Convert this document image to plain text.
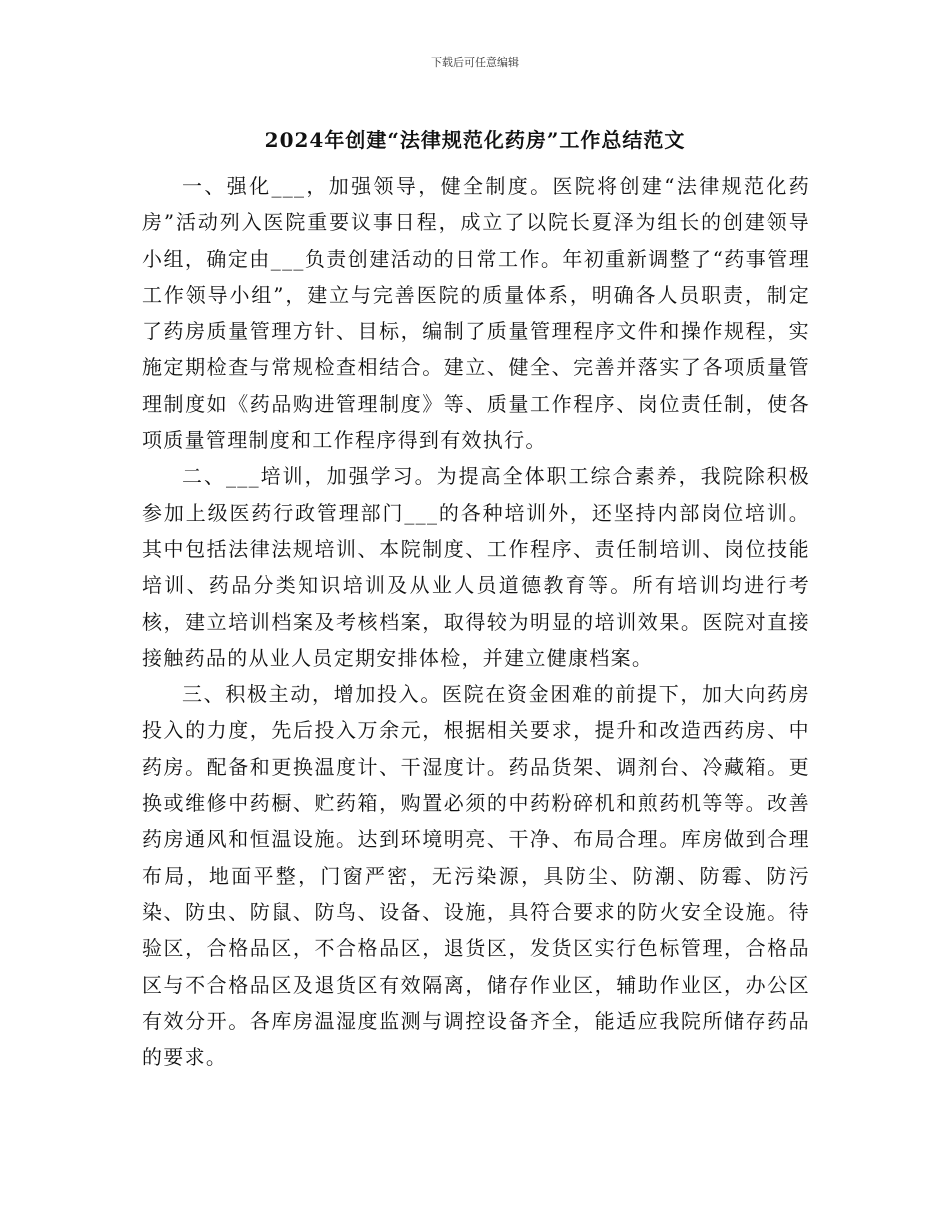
下载后可任意编辑
2024年创建“法律规范化药房”工作总结范文

一、强化___，加强领导，健全制度。医院将创建“法律规范化药房”活动列入医院重要议事日程，成立了以院长夏泽为组长的创建领导小组，确定由___负责创建活动的日常工作。年初重新调整了“药事管理工作领导小组”，建立与完善医院的质量体系，明确各人员职责，制定了药房质量管理方针、目标，编制了质量管理程序文件和操作规程，实施定期检查与常规检查相结合。建立、健全、完善并落实了各项质量管理制度如《药品购进管理制度》等、质量工作程序、岗位责任制，使各项质量管理制度和工作程序得到有效执行。

二、___培训，加强学习。为提高全体职工综合素养，我院除积极参加上级医药行政管理部门___的各种培训外，还坚持内部岗位培训。其中包括法律法规培训、本院制度、工作程序、责任制培训、岗位技能培训、药品分类知识培训及从业人员道德教育等。所有培训均进行考核，建立培训档案及考核档案，取得较为明显的培训效果。医院对直接接触药品的从业人员定期安排体检，并建立健康档案。

三、积极主动，增加投入。医院在资金困难的前提下，加大向药房投入的力度，先后投入万余元，根据相关要求，提升和改造西药房、中药房。配备和更换温度计、干湿度计。药品货架、调剂台、冷藏箱。更换或维修中药橱、贮药箱，购置必须的中药粉碎机和煎药机等等。改善药房通风和恒温设施。达到环境明亮、干净、布局合理。库房做到合理布局，地面平整，门窗严密，无污染源，具防尘、防潮、防霉、防污染、防虫、防鼠、防鸟、设备、设施，具符合要求的防火安全设施。待验区，合格品区，不合格品区，退货区，发货区实行色标管理，合格品区与不合格品区及退货区有效隔离，储存作业区，辅助作业区，办公区有效分开。各库房温湿度监测与调控设备齐全，能适应我院所储存药品的要求。
